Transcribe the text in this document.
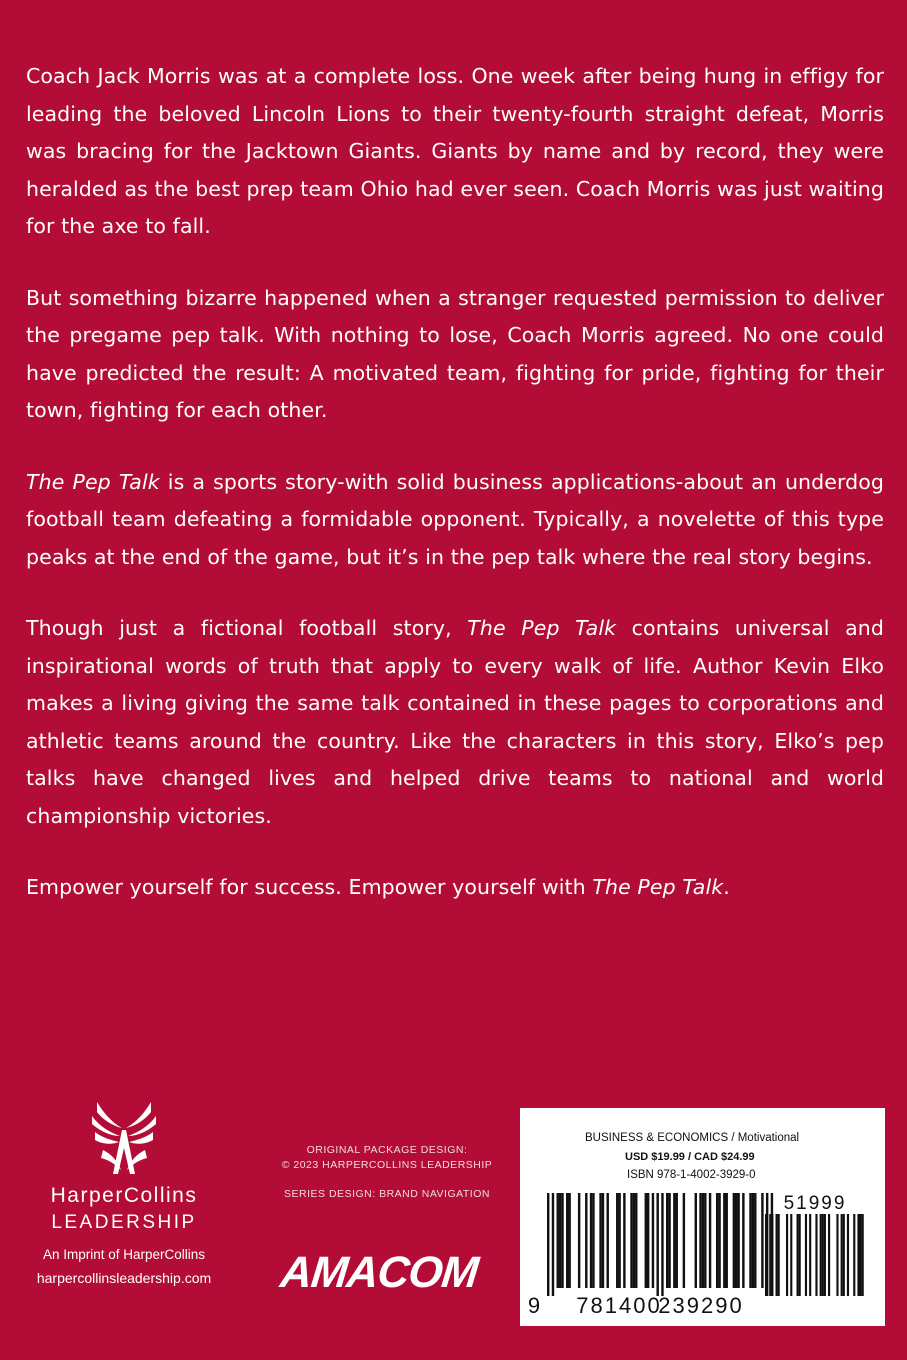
Coach Jack Morris was at a complete loss. One week after being hung in effigy for leading the beloved Lincoln Lions to their twenty-fourth straight defeat, Morris was bracing for the Jacktown Giants. Giants by name and by record, they were heralded as the best prep team Ohio had ever seen. Coach Morris was just waiting for the axe to fall.

But something bizarre happened when a stranger requested permission to deliver the pregame pep talk. With nothing to lose, Coach Morris agreed. No one could have predicted the result: A motivated team, fighting for pride, fighting for their town, fighting for each other.

The Pep Talk is a sports story-with solid business applications-about an underdog football team defeating a formidable opponent. Typically, a novelette of this type peaks at the end of the game, but it’s in the pep talk where the real story begins.

Though just a fictional football story, The Pep Talk contains universal and inspirational words of truth that apply to every walk of life. Author Kevin Elko makes a living giving the same talk contained in these pages to corporations and athletic teams around the country. Like the characters in this story, Elko’s pep talks have changed lives and helped drive teams to national and world championship victories.

Empower yourself for success. Empower yourself with The Pep Talk.

HarperCollins
LEADERSHIP
An Imprint of HarperCollins
harpercollinsleadership.com
ORIGINAL PACKAGE DESIGN:
© 2023 HARPERCOLLINS LEADERSHIP
SERIES DESIGN: BRAND NAVIGATION
AMACOM
BUSINESS & ECONOMICS / Motivational
USD $19.99 / CAD $24.99
ISBN 978-1-4002-3929-0
51999
9 781400
239290
